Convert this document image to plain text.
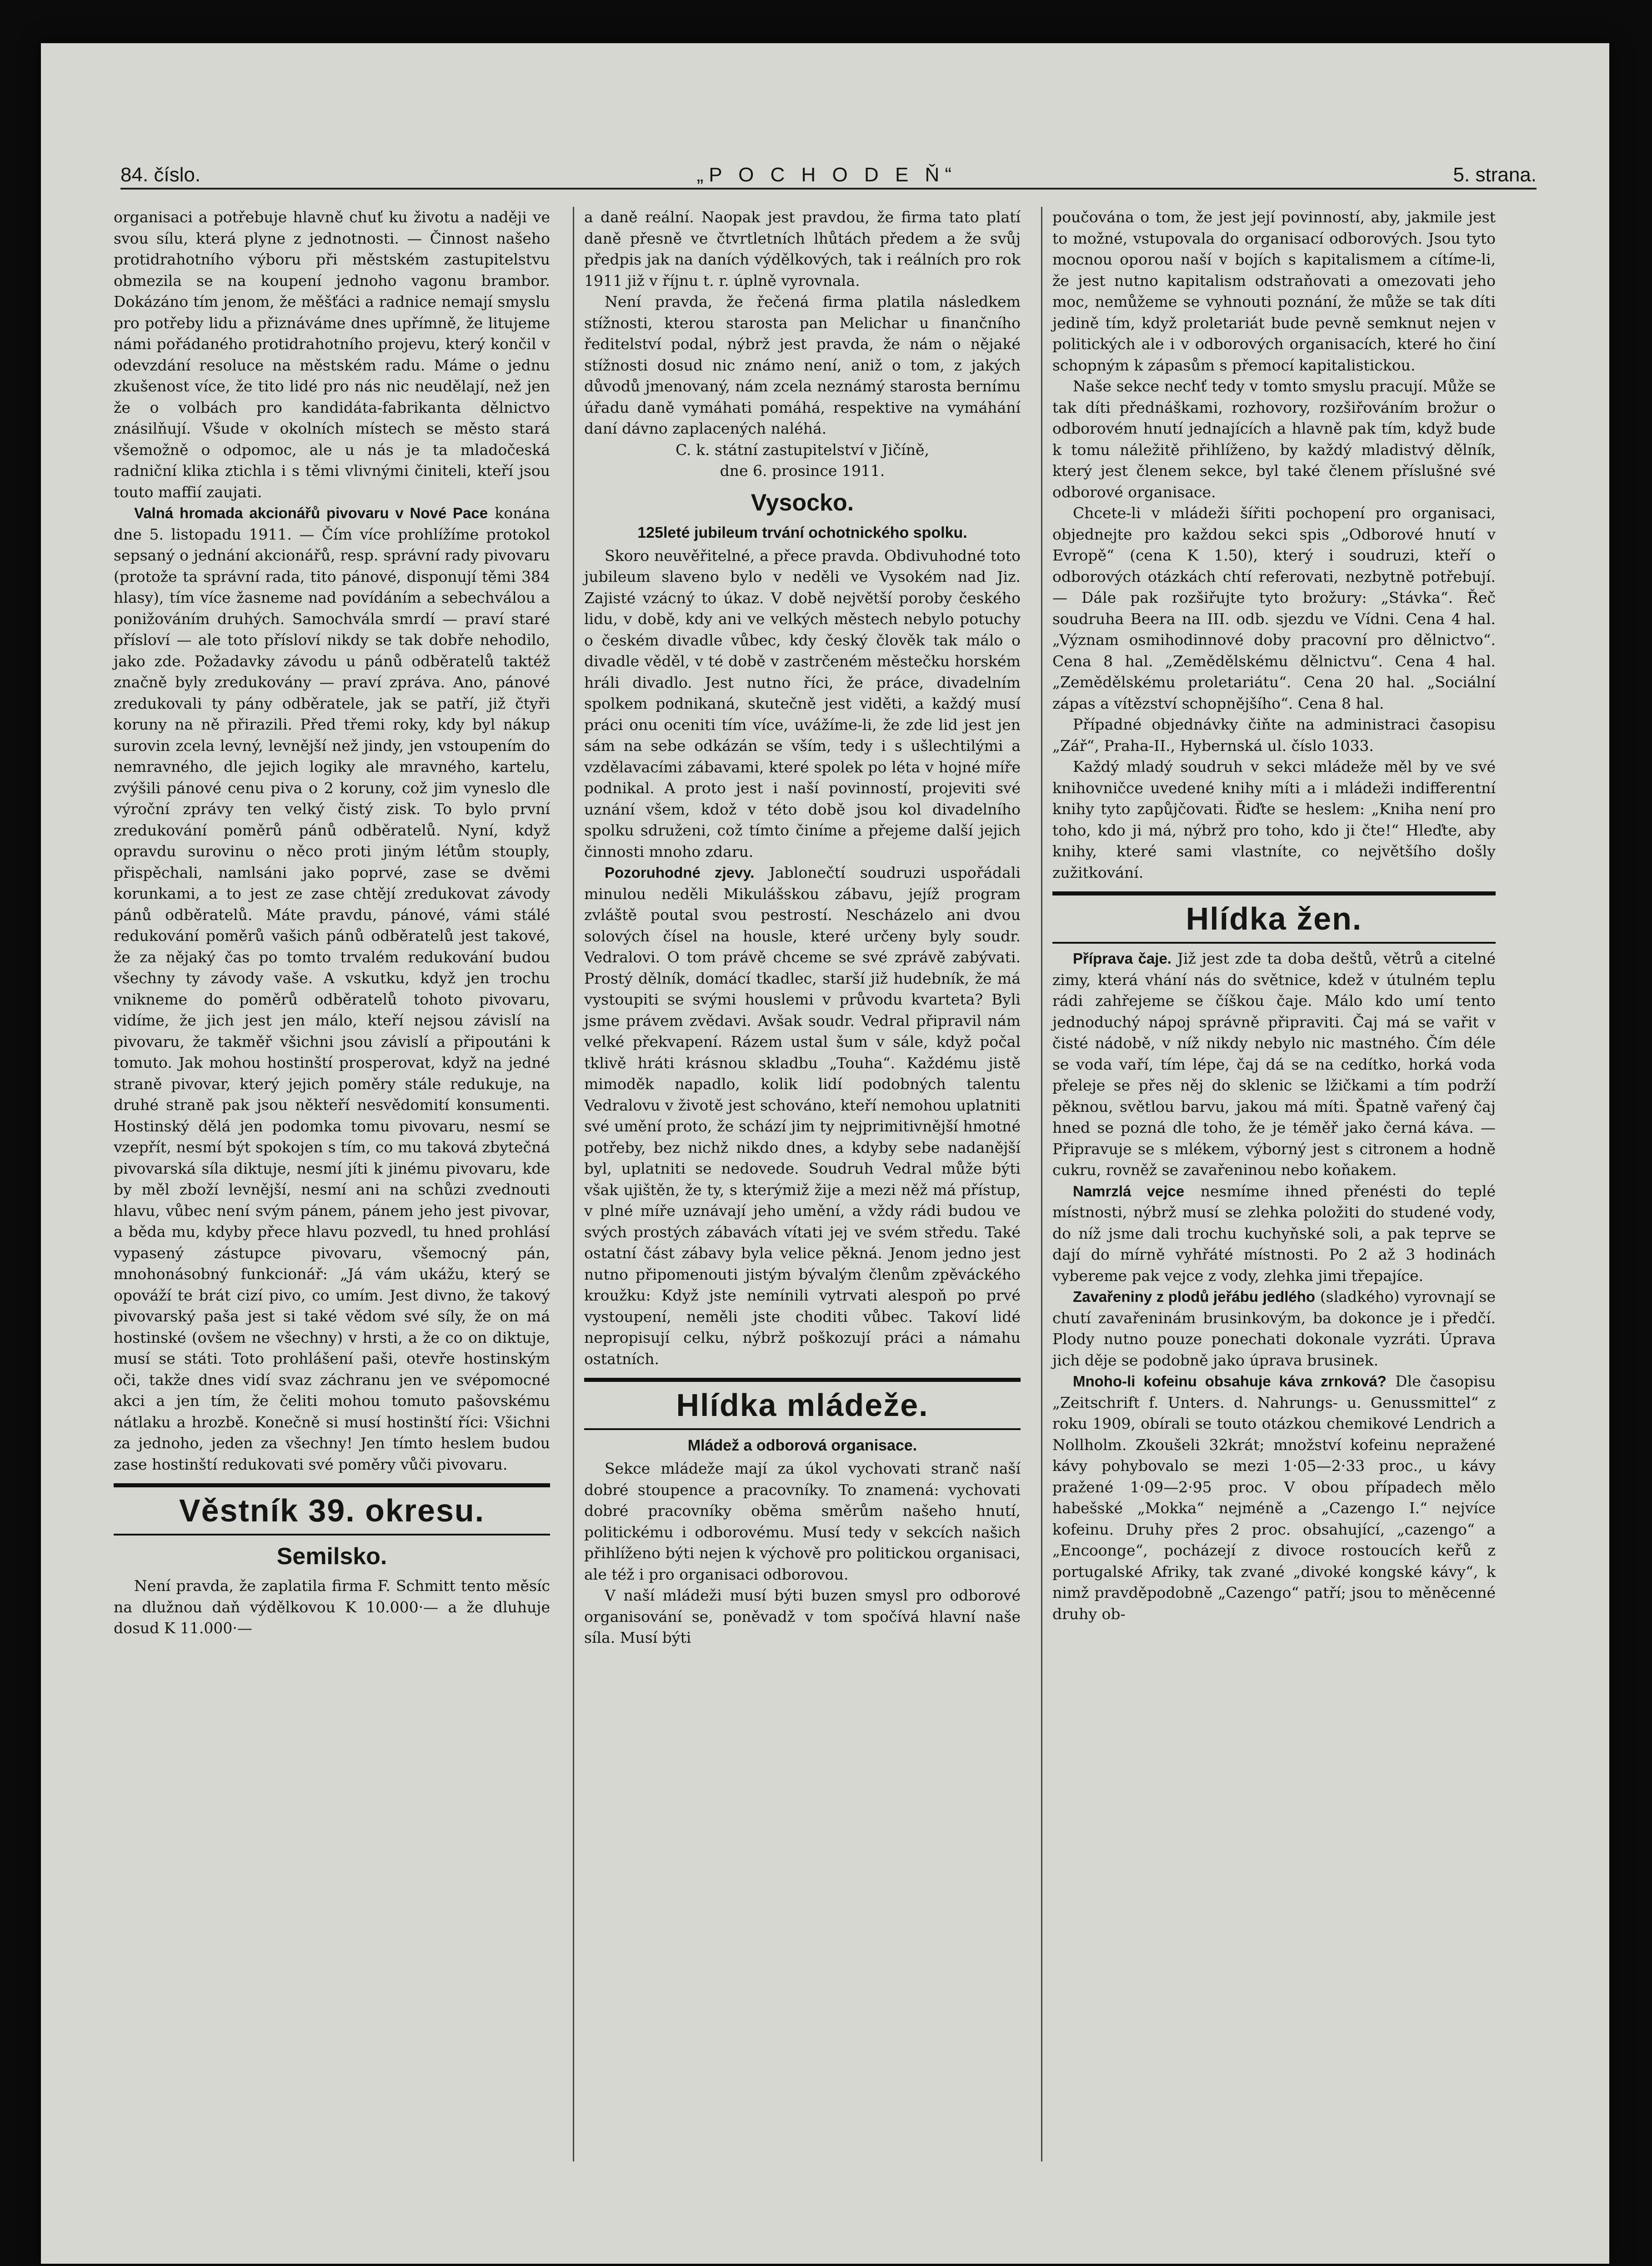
84. číslo.	„P O C H O D E Ň“	5. strana.

organisaci a potřebuje hlavně chuť ku životu a naději ve svou sílu, která plyne z jednotnosti. — Činnost našeho protidrahotního výboru při městském zastupitelstvu obmezila se na koupení jednoho vagonu brambor. Dokázáno tím jenom, že měšťáci a radnice nemají smyslu pro potřeby lidu a přiznáváme dnes upřímně, že litujeme námi pořádaného protidrahotního projevu, který končil v odevzdání resoluce na městském radu. Máme o jednu zkušenost více, že tito lidé pro nás nic neudělají, než jen že o volbách pro kandidáta-fabrikanta dělnictvo znásilňují. Všude v okolních místech se město stará všemožně o odpomoc, ale u nás je ta mladočeská radniční klika ztichla i s těmi vlivnými činiteli, kteří jsou touto maffií zaujati.

Valná hromada akcionářů pivovaru v Nové Pace konána dne 5. listopadu 1911. — Čím více prohlížíme protokol sepsaný o jednání akcionářů, resp. správní rady pivovaru (protože ta správní rada, tito pánové, disponují těmi 384 hlasy), tím více žasneme nad povídáním a sebechválou a ponižováním druhých. Samochvála smrdí — praví staré přísloví — ale toto přísloví nikdy se tak dobře nehodilo, jako zde. Požadavky závodu u pánů odběratelů taktéž značně byly zredukovány — praví zpráva. Ano, pánové zredukovali ty pány odběratele, jak se patří, již čtyři koruny na ně přirazili. Před třemi roky, kdy byl nákup surovin zcela levný, levnější než jindy, jen vstoupením do nemravného, dle jejich logiky ale mravného, kartelu, zvýšili pánové cenu piva o 2 koruny, což jim vyneslo dle výroční zprávy ten velký čistý zisk. To bylo první zredukování poměrů pánů odběratelů. Nyní, když opravdu surovinu o něco proti jiným létům stouply, přispěchali, namlsáni jako poprvé, zase se dvěmi korunkami, a to jest ze zase chtějí zredukovat závody pánů odběratelů. Máte pravdu, pánové, vámi stálé redukování poměrů vašich pánů odběratelů jest takové, že za nějaký čas po tomto trvalém redukování budou všechny ty závody vaše. A vskutku, když jen trochu vnikneme do poměrů odběratelů tohoto pivovaru, vidíme, že jich jest jen málo, kteří nejsou závislí na pivovaru, že takměř všichni jsou závislí a připoutáni k tomuto. Jak mohou hostinští prosperovat, když na jedné straně pivovar, který jejich poměry stále redukuje, na druhé straně pak jsou někteří nesvědomití konsumenti. Hostinský dělá jen podomka tomu pivovaru, nesmí se vzepřít, nesmí být spokojen s tím, co mu taková zbytečná pivovarská síla diktuje, nesmí jíti k jinému pivovaru, kde by měl zboží levnější, nesmí ani na schůzi zvednouti hlavu, vůbec není svým pánem, pánem jeho jest pivovar, a běda mu, kdyby přece hlavu pozvedl, tu hned prohlásí vypasený zástupce pivovaru, všemocný pán, mnohonásobný funkcionář: „Já vám ukážu, který se opováží te brát cizí pivo, co umím. Jest divno, že takový pivovarský paša jest si také vědom své síly, že on má hostinské (ovšem ne všechny) v hrsti, a že co on diktuje, musí se státi. Toto prohlášení paši, otevře hostinským oči, takže dnes vidí svaz záchranu jen ve svépomocné akci a jen tím, že čeliti mohou tomuto pašovskému nátlaku a hrozbě. Konečně si musí hostinští říci: Všichni za jednoho, jeden za všechny! Jen tímto heslem budou zase hostinští redukovati své poměry vůči pivovaru.

Věstník 39. okresu.
Semilsko.

Není pravda, že zaplatila firma F. Schmitt tento měsíc na dlužnou daň výdělkovou K 10.000·— a že dluhuje dosud K 11.000·—

a daně reální. Naopak jest pravdou, že firma tato platí daně přesně ve čtvrtletních lhůtách předem a že svůj předpis jak na daních výdělkových, tak i reálních pro rok 1911 již v říjnu t. r. úplně vyrovnala.

Není pravda, že řečená firma platila následkem stížnosti, kterou starosta pan Melichar u finančního ředitelství podal, nýbrž jest pravda, že nám o nějaké stížnosti dosud nic známo není, aniž o tom, z jakých důvodů jmenovaný, nám zcela neznámý starosta bernímu úřadu daně vymáhati pomáhá, respektive na vymáhání daní dávno zaplacených naléhá.

C. k. státní zastupitelství v Jičíně,

dne 6. prosince 1911.

Vysocko.
125leté jubileum trvání ochotnického spolku.

Skoro neuvěřitelné, a přece pravda. Obdivuhodné toto jubileum slaveno bylo v neděli ve Vysokém nad Jiz. Zajisté vzácný to úkaz. V době největší poroby českého lidu, v době, kdy ani ve velkých městech nebylo potuchy o českém divadle vůbec, kdy český člověk tak málo o divadle věděl, v té době v zastrčeném městečku horském hráli divadlo. Jest nutno říci, že práce, divadelním spolkem podnikaná, skutečně jest viděti, a každý musí práci onu oceniti tím více, uvážíme-li, že zde lid jest jen sám na sebe odkázán se vším, tedy i s ušlechtilými a vzdělavacími zábavami, které spolek po léta v hojné míře podnikal. A proto jest i naší povinností, projeviti své uznání všem, kdož v této době jsou kol divadelního spolku sdruženi, což tímto činíme a přejeme další jejich činnosti mnoho zdaru.

Pozoruhodné zjevy. Jablonečtí soudruzi uspořádali minulou neděli Mikulášskou zábavu, jejíž program zvláště poutal svou pestrostí. Nescházelo ani dvou solových čísel na housle, které určeny byly soudr. Vedralovi. O tom právě chceme se své zprávě zabývati. Prostý dělník, domácí tkadlec, starší již hudebník, že má vystoupiti se svými houslemi v průvodu kvarteta? Byli jsme právem zvědavi. Avšak soudr. Vedral připravil nám velké překvapení. Rázem ustal šum v sále, když počal tklivě hráti krásnou skladbu „Touha“. Každému jistě mimoděk napadlo, kolik lidí podobných talentu Vedralovu v životě jest schováno, kteří nemohou uplatniti své umění proto, že schází jim ty nejprimitivnější hmotné potřeby, bez nichž nikdo dnes, a kdyby sebe nadanější byl, uplatniti se nedovede. Soudruh Vedral může býti však ujištěn, že ty, s kterýmiž žije a mezi něž má přístup, v plné míře uznávají jeho umění, a vždy rádi budou ve svých prostých zábavách vítati jej ve svém středu. Také ostatní část zábavy byla velice pěkná. Jenom jedno jest nutno připomenouti jistým bývalým členům zpěváckého kroužku: Když jste nemínili vytrvati alespoň po prvé vystoupení, neměli jste choditi vůbec. Takoví lidé nepropisují celku, nýbrž poškozují práci a námahu ostatních.

Hlídka mládeže.
Mládež a odborová organisace.

Sekce mládeže mají za úkol vychovati stranč naší dobré stoupence a pracovníky. To znamená: vychovati dobré pracovníky oběma směrům našeho hnutí, politickému i odborovému. Musí tedy v sekcích našich přihlíženo býti nejen k výchově pro politickou organisaci, ale též i pro organisaci odborovou.

V naší mládeži musí býti buzen smysl pro odborové organisování se, poněvadž v tom spočívá hlavní naše síla. Musí býti

poučována o tom, že jest její povinností, aby, jakmile jest to možné, vstupovala do organisací odborových. Jsou tyto mocnou oporou naší v bojích s kapitalismem a cítíme-li, že jest nutno kapitalism odstraňovati a omezovati jeho moc, nemůžeme se vyhnouti poznání, že může se tak díti jedině tím, když proletariát bude pevně semknut nejen v politických ale i v odborových organisacích, které ho činí schopným k zápasům s přemocí kapitalistickou.

Naše sekce nechť tedy v tomto smyslu pracují. Může se tak díti přednáškami, rozhovory, rozšiřováním brožur o odborovém hnutí jednajících a hlavně pak tím, když bude k tomu náležitě přihlíženo, by každý mladistvý dělník, který jest členem sekce, byl také členem příslušné své odborové organisace.

Chcete-li v mládeži šířiti pochopení pro organisaci, objednejte pro každou sekci spis „Odborové hnutí v Evropě“ (cena K 1.50), který i soudruzi, kteří o odborových otázkách chtí referovati, nezbytně potřebují. — Dále pak rozšiřujte tyto brožury: „Stávka“. Řeč soudruha Beera na III. odb. sjezdu ve Vídni. Cena 4 hal. „Význam osmihodinnové doby pracovní pro dělnictvo“. Cena 8 hal. „Zemědělskému dělnictvu“. Cena 4 hal. „Zemědělskému proletariátu“. Cena 20 hal. „Sociální zápas a vítězství schopnějšího“. Cena 8 hal.

Případné objednávky čiňte na administraci časopisu „Zář“, Praha-II., Hybernská ul. číslo 1033.

Každý mladý soudruh v sekci mládeže měl by ve své knihovničce uvedené knihy míti a i mládeži indifferentní knihy tyto zapůjčovati. Řiďte se heslem: „Kniha není pro toho, kdo ji má, nýbrž pro toho, kdo ji čte!“ Hleďte, aby knihy, které sami vlastníte, co největšího došly zužitkování.

Hlídka žen.

Příprava čaje. Již jest zde ta doba deštů, větrů a citelné zimy, která vhání nás do světnice, kdež v útulném teplu rádi zahřejeme se číškou čaje. Málo kdo umí tento jednoduchý nápoj správně připraviti. Čaj má se vařit v čisté nádobě, v níž nikdy nebylo nic mastného. Čím déle se voda vaří, tím lépe, čaj dá se na cedítko, horká voda přeleje se přes něj do sklenic se lžičkami a tím podrží pěknou, světlou barvu, jakou má míti. Špatně vařený čaj hned se pozná dle toho, že je téměř jako černá káva. — Připravuje se s mlékem, výborný jest s citronem a hodně cukru, rovněž se zavařeninou nebo koňakem.

Namrzlá vejce nesmíme ihned přenésti do teplé místnosti, nýbrž musí se zlehka položiti do studené vody, do níž jsme dali trochu kuchyňské soli, a pak teprve se dají do mírně vyhřáté místnosti. Po 2 až 3 hodinách vybereme pak vejce z vody, zlehka jimi třepajíce.

Zavařeniny z plodů jeřábu jedlého (sladkého) vyrovnají se chutí zavařeninám brusinkovým, ba dokonce je i předčí. Plody nutno pouze ponechati dokonale vyzráti. Úprava jich děje se podobně jako úprava brusinek.

Mnoho-li kofeinu obsahuje káva zrnková? Dle časopisu „Zeitschrift f. Unters. d. Nahrungs- u. Genussmittel“ z roku 1909, obírali se touto otázkou chemikové Lendrich a Nollholm. Zkoušeli 32krát; množství kofeinu nepražené kávy pohybovalo se mezi 1·05—2·33 proc., u kávy pražené 1·09—2·95 proc. V obou případech mělo habešské „Mokka“ nejméně a „Cazengo I.“ nejvíce kofeinu. Druhy přes 2 proc. obsahující, „cazengo“ a „Encoonge“, pocházejí z divoce rostoucích keřů z portugalské Afriky, tak zvané „divoké kongské kávy“, k nimž pravděpodobně „Cazengo“ patří; jsou to měněcenné druhy ob-
